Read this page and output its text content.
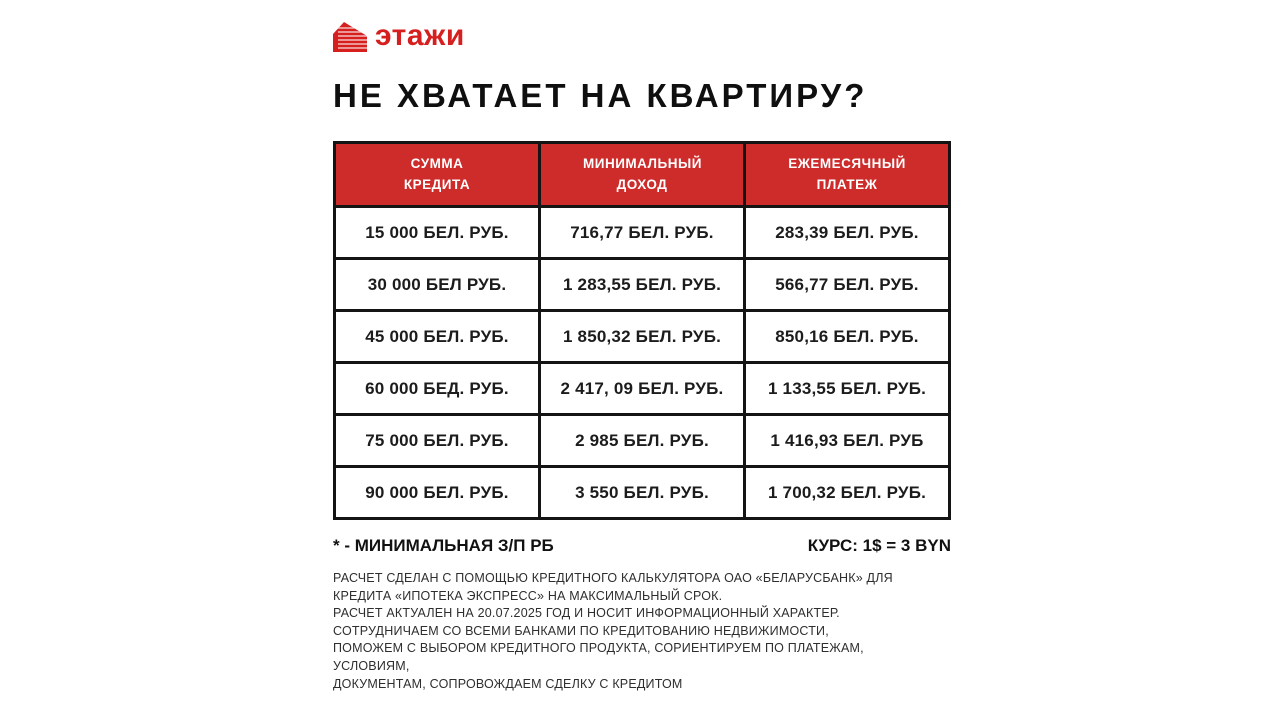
этажи
НЕ ХВАТАЕТ НА КВАРТИРУ?
СУММА КРЕДИТА	МИНИМАЛЬНЫЙ ДОХОД	ЕЖЕМЕСЯЧНЫЙ ПЛАТЕЖ
15 000 БЕЛ. РУБ.	716,77 БЕЛ. РУБ.	283,39 БЕЛ. РУБ.
30 000 БЕЛ РУБ.	1 283,55 БЕЛ. РУБ.	566,77 БЕЛ. РУБ.
45 000 БЕЛ. РУБ.	1 850,32 БЕЛ. РУБ.	850,16 БЕЛ. РУБ.
60 000 БЕД. РУБ.	2 417, 09 БЕЛ. РУБ.	1 133,55 БЕЛ. РУБ.
75 000 БЕЛ. РУБ.	2 985 БЕЛ. РУБ.	1 416,93 БЕЛ. РУБ
90 000 БЕЛ. РУБ.	3 550 БЕЛ. РУБ.	1 700,32 БЕЛ. РУБ.
* - МИНИМАЛЬНАЯ З/П РБ	КУРС: 1$ = 3 BYN
РАСЧЕТ СДЕЛАН С ПОМОЩЬЮ КРЕДИТНОГО КАЛЬКУЛЯТОРА ОАО «БЕЛАРУСБАНК» ДЛЯ
КРЕДИТА «ИПОТЕКА ЭКСПРЕСС» НА МАКСИМАЛЬНЫЙ СРОК.
РАСЧЕТ АКТУАЛЕН НА 20.07.2025 ГОД И НОСИТ ИНФОРМАЦИОННЫЙ ХАРАКТЕР.
СОТРУДНИЧАЕМ СО ВСЕМИ БАНКАМИ ПО КРЕДИТОВАНИЮ НЕДВИЖИМОСТИ,
ПОМОЖЕМ С ВЫБОРОМ КРЕДИТНОГО ПРОДУКТА, СОРИЕНТИРУЕМ ПО ПЛАТЕЖАМ,
УСЛОВИЯМ,
ДОКУМЕНТАМ, СОПРОВОЖДАЕМ СДЕЛКУ С КРЕДИТОМ
